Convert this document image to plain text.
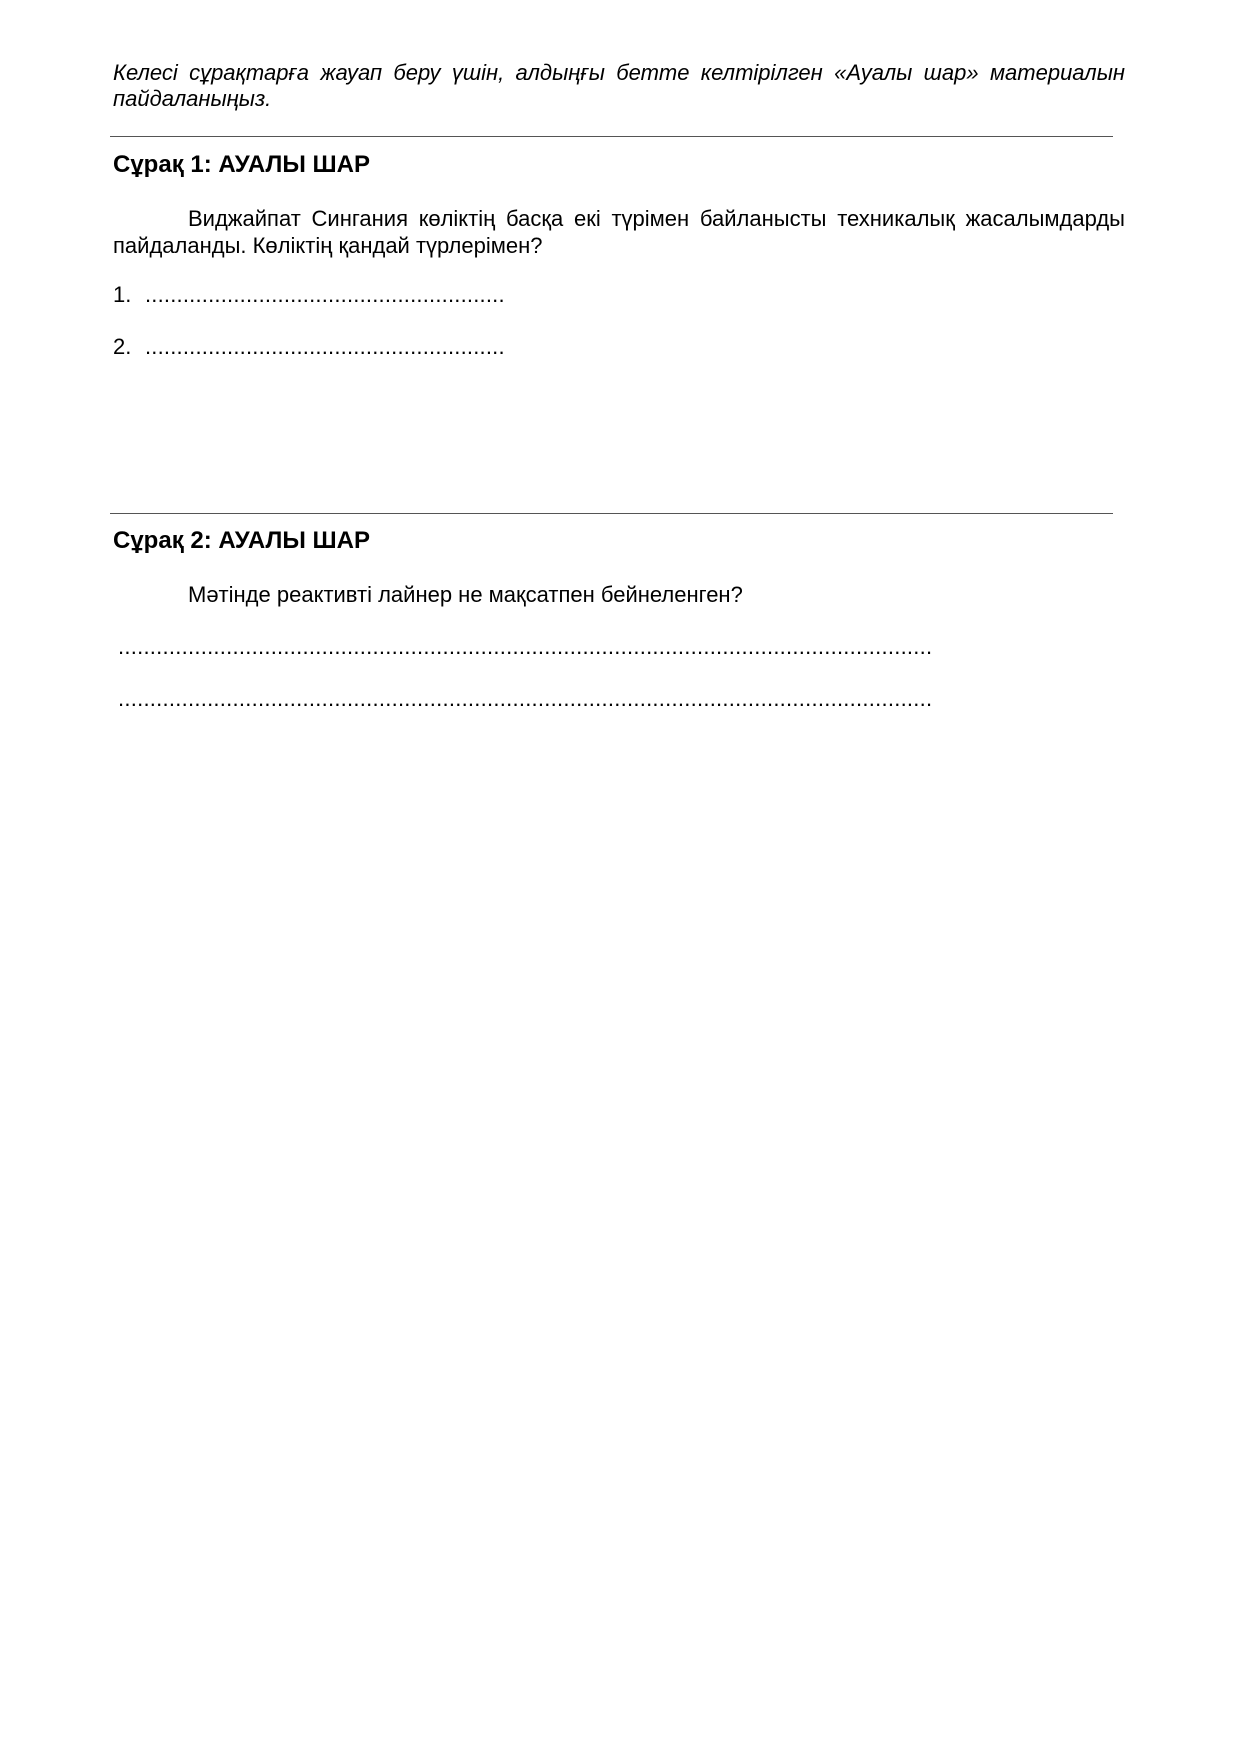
Келесі сұрақтарға жауап беру үшін, алдыңғы бетте келтірілген «Ауалы шар» материалын пайдаланыңыз.
Сұрақ 1: АУАЛЫ ШАР
Виджайпат Сингания көліктің басқа екі түрімен байланысты техникалық жасалымдарды пайдаланды. Көліктің қандай түрлерімен?
1. .........................................................
2. .........................................................
Сұрақ 2: АУАЛЫ ШАР
Мәтінде реактивті лайнер не мақсатпен бейнеленген?
................................................................................................................................
................................................................................................................................
